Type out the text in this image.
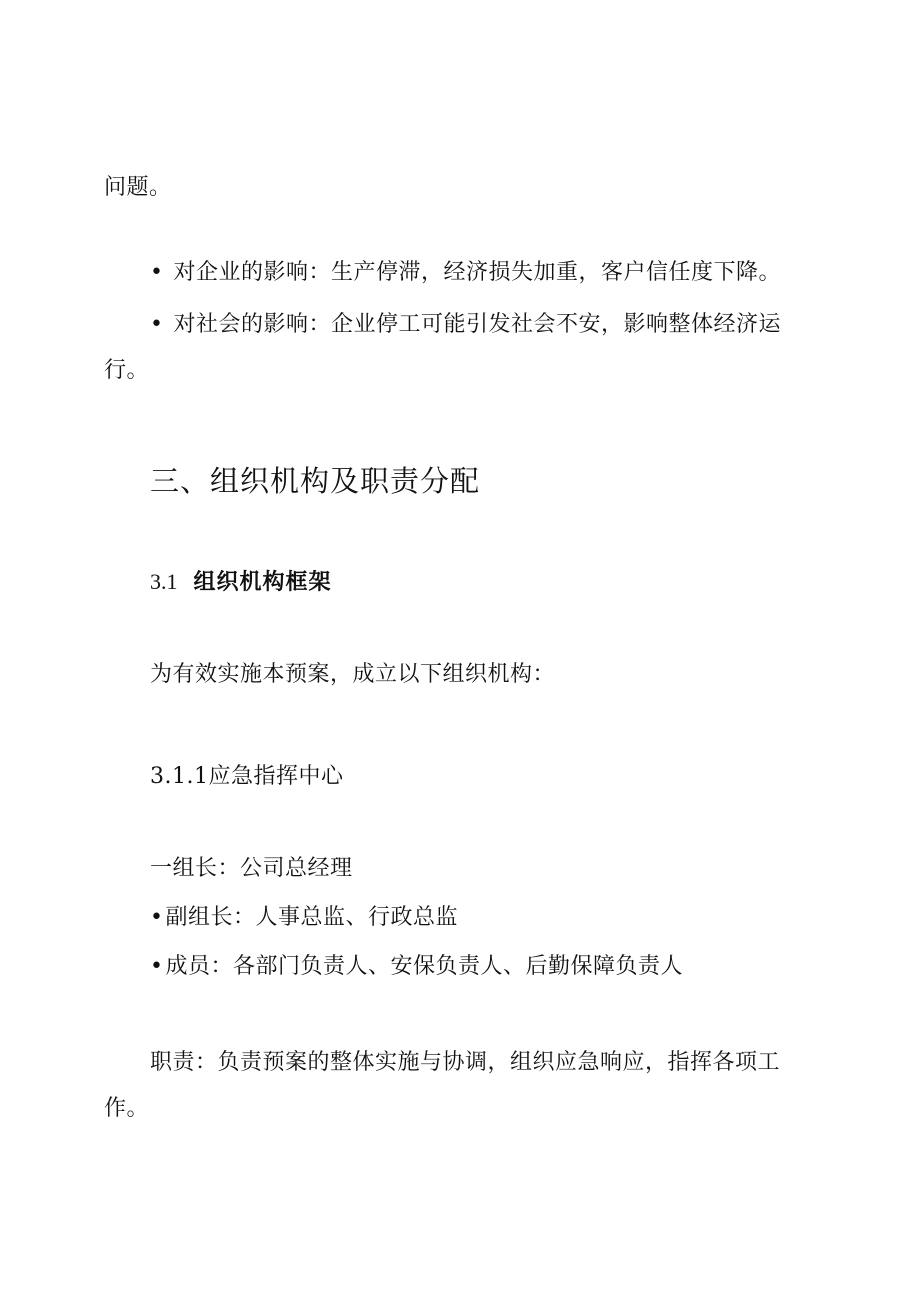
问题。
• 对企业的影响：生产停滞，经济损失加重，客户信任度下降。
• 对社会的影响：企业停工可能引发社会不安，影响整体经济运
行。
三、组织机构及职责分配
3.1 组织机构框架
为有效实施本预案，成立以下组织机构：
3.1.1应急指挥中心
一组长：公司总经理
•副组长：人事总监、行政总监
•成员：各部门负责人、安保负责人、后勤保障负责人
职责：负责预案的整体实施与协调，组织应急响应，指挥各项工
作。
